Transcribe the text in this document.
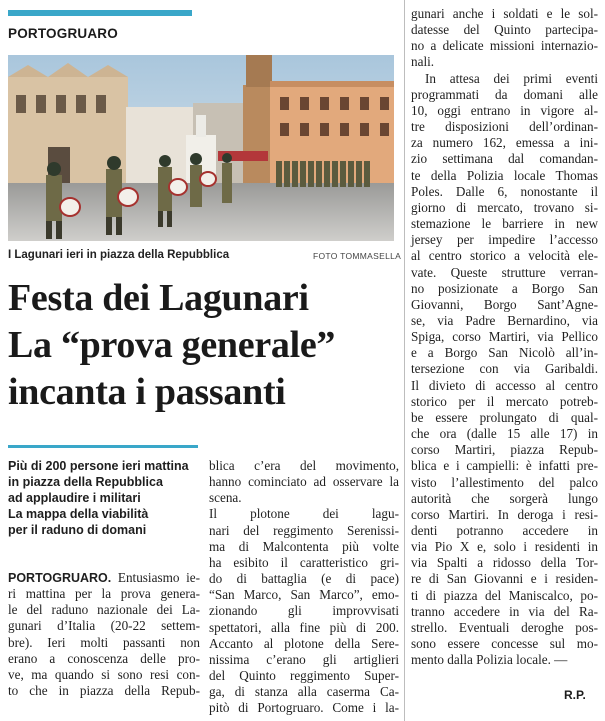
PORTOGRUARO
I Lagunari ieri in piazza della Repubblica	FOTO TOMMASELLA
Festa dei Lagunari
La “prova generale”
incanta i passanti
Più di 200 persone ieri mattina
in piazza della Repubblica
ad applaudire i militari
La mappa della viabilità
per il raduno di domani
PORTOGRUARO. Entusiasmo ie-
ri mattina per la prova genera-
le del raduno nazionale dei La-
gunari d’Italia (20-22 settem-
bre). Ieri molti passanti non
erano a conoscenza delle pro-
ve, ma quando si sono resi con-
to che in piazza della Repub-
blica c’era del movimento,
hanno cominciato ad osservare la scena.
Il plotone dei lagu-
nari del reggimento Serenissi-
ma di Malcontenta più volte
ha esibito il caratteristico gri-
do di battaglia (e di pace)
“San Marco, San Marco”, emo-
zionando gli improvvisati
spettatori, alla fine più di 200.
Accanto al plotone della Sere-
nissima c’erano gli artiglieri
del Quinto reggimento Super-
ga, di stanza alla caserma Ca-
pitò di Portogruaro. Come i la-
gunari anche i soldati e le sol-
datesse del Quinto partecipa-
no a delicate missioni internazio-
nali.
In attesa dei primi eventi
programmati da domani alle
10, oggi entrano in vigore al-
tre disposizioni dell’ordinan-
za numero 162, emessa a ini-
zio settimana dal comandan-
te della Polizia locale Thomas
Poles. Dalle 6, nonostante il
giorno di mercato, trovano si-
stemazione le barriere in new
jersey per impedire l’accesso
al centro storico a velocità ele-
vate. Queste strutture verran-
no posizionate a Borgo San
Giovanni, Borgo Sant’Agne-
se, via Padre Bernardino, via
Spiga, corso Martiri, via Pellico
e a Borgo San Nicolò all’in-
tersezione con via Garibaldi.
Il divieto di accesso al centro
storico per il mercato potreb-
be essere prolungato di qual-
che ora (dalle 15 alle 17) in
corso Martiri, piazza Repub-
blica e i campielli: è infatti pre-
visto l’allestimento del palco
autorità che sorgerà lungo
corso Martiri. In deroga i resi-
denti potranno accedere in
via Pio X e, solo i residenti in
via Spalti a ridosso della Tor-
re di San Giovanni e i residen-
ti di piazza del Maniscalco, po-
tranno accedere in via del Ra-
strello. Eventuali deroghe pos-
sono essere concesse sul mo-
mento dalla Polizia locale. —
R.P.
